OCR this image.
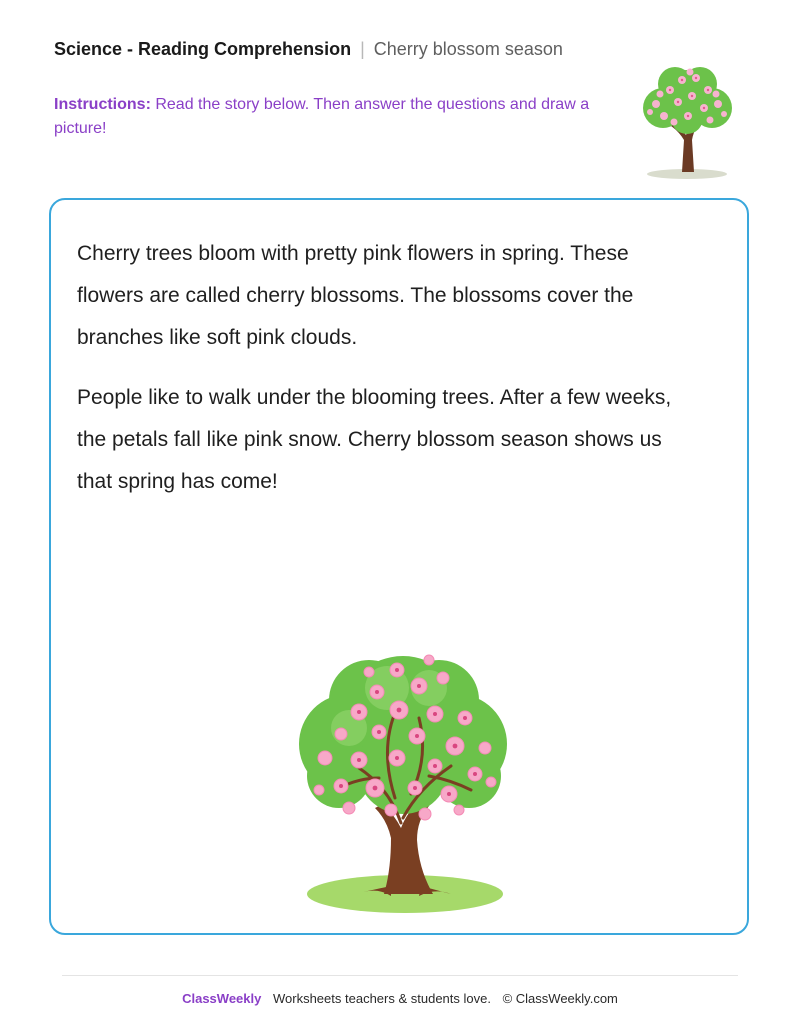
Science - Reading Comprehension | Cherry blossom season
Instructions: Read the story below. Then answer the questions and draw a picture!

Cherry trees bloom with pretty pink flowers in spring. These flowers are called cherry blossoms. The blossoms cover the branches like soft pink clouds.

People like to walk under the blooming trees. After a few weeks, the petals fall like pink snow. Cherry blossom season shows us that spring has come!

ClassWeekly Worksheets teachers & students love. © ClassWeekly.com
